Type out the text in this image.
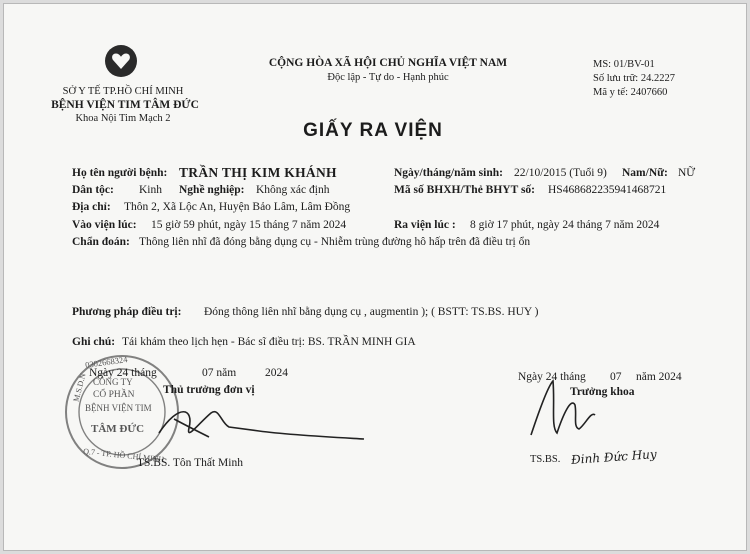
SỞ Y TẾ TP.HỒ CHÍ MINH
BỆNH VIỆN TIM TÂM ĐỨC
Khoa Nội Tim Mạch 2
CỘNG HÒA XÃ HỘI CHỦ NGHĨA VIỆT NAM
Độc lập - Tự do - Hạnh phúc
MS: 01/BV-01
Số lưu trữ: 24.2227
Mã y tế: 2407660
GIẤY RA VIỆN
Họ tên người bệnh: TRẦN THỊ KIM KHÁNH	Ngày/tháng/năm sinh: 22/10/2015 (Tuổi 9) Nam/Nữ: NỮ
Dân tộc: Kinh Nghề nghiệp: Không xác định	Mã số BHXH/Thẻ BHYT số: HS4686822359414687​21
Địa chỉ: Thôn 2, Xã Lộc An, Huyện Bảo Lâm, Lâm Đồng
Vào viện lúc: 15 giờ 59 phút, ngày 15 tháng 7 năm 2024	Ra viện lúc : 8 giờ 17 phút, ngày 24 tháng 7 năm 2024
Chẩn đoán: Thông liên nhĩ đã đóng bằng dụng cụ - Nhiễm trùng đường hô hấp trên đã điều trị ổn
Phương pháp điều trị: Đóng thông liên nhĩ bằng dụng cụ , augmentin ); ( BSTT: TS.BS. HUY )
Ghi chú: Tái khám theo lịch hẹn - Bác sĩ điều trị: BS. TRẦN MINH GIA
0302668324
M.S.D.N CÔNG TY
CỔ PHẦN
BỆNH VIỆN TIM
TÂM ĐỨC
Q.7 - TP. HỒ CHÍ MINH
Ngày 24 tháng	07 năm	2024
Thủ trưởng đơn vị
TS.BS. Tôn Thất Minh
Ngày 24 tháng 07 năm 2024
Trưởng khoa
TS.BS. Đinh Đức Huy
